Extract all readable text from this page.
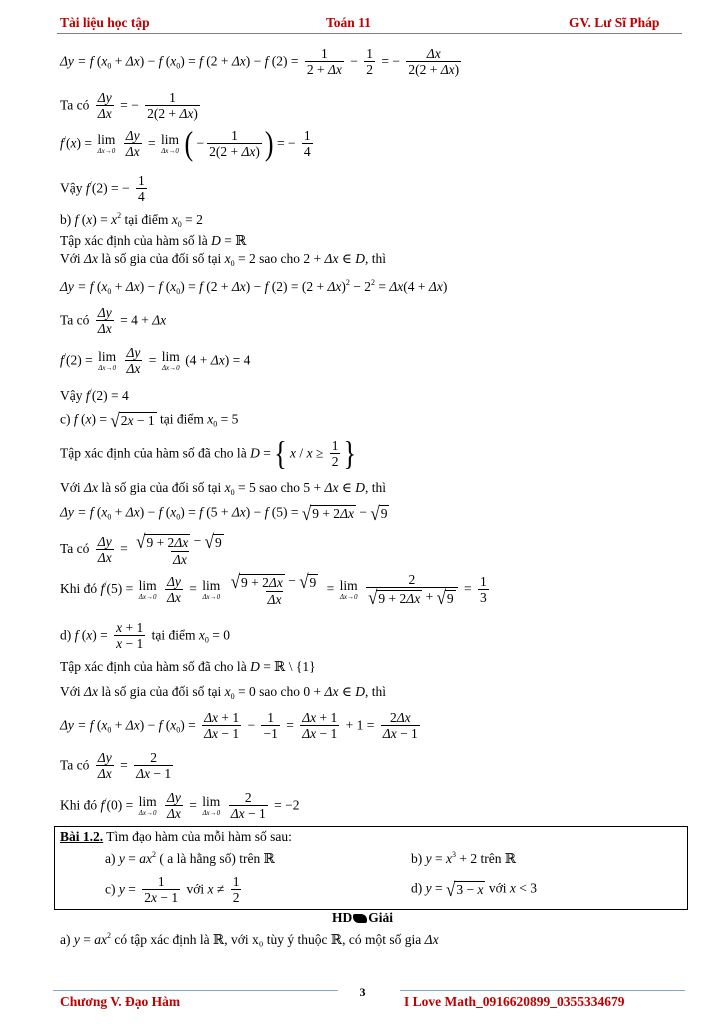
Tài liệu học tập	Toán 11	GV. Lư Sĩ Pháp
Δy = f $(x_0 + \Delta x) - f$ $(x_0) = f$ (2 + Δx) − f $(2) = \frac{1}{2 + \Delta x} - \frac{1}{2}$ = − $\frac{\Delta x}{2(2 + \Delta x)}$
Ta có $\frac{\Delta y}{\Delta x}$ = − $\frac{1}{2(2 + \Delta x)}$
f/(x) = lim
Δx→0
$\frac{\Delta y}{\Delta x} = \lim$
Δx→0 ( − $\frac{1}{2(2 + \Delta x)}$ ) = − $\frac{1}{4}$
Vậy f/(2) = − $\frac{1}{4}$
b) f $(x) = x^2$ tại điểm $x_0 = 2$
Tập xác định của hàm số là D = ℝ
Với Δx là số gia của đối số tại $x_0 = 2$ sao cho 2 + Δx ∈ D, thì
Δy = f $(x_0 + \Delta x) - f$ $(x_0) = f$ (2 + Δx) − f $(2) = (2 + \Delta x)^2 - 2^2 = \Delta x(4 + \Delta x)$
Ta có $\frac{\Delta y}{\Delta x} = 4 + \Delta x$
f/(2) = lim
Δx→0
$\frac{\Delta y}{\Delta x} = \lim$
Δx→0
(4 + Δx) = 4
Vậy f/(2) = 4
c) f (x) = √2x − 1 tại điểm $x_0 = 5$
Tập xác định của hàm số đã cho là D = { $x / x \ge \frac{1}{2}$ }
Với Δx là số gia của đối số tại $x_0 = 5$ sao cho 5 + Δx ∈ D, thì
Δy = f $(x_0 + \Delta x) - f$ $(x_0) = f$ (5 + Δx) − f (5) = √9 + 2Δx − √9
Ta có $\frac{\Delta y}{\Delta x} = \frac{√9 + 2\Delta x - √9}{\Delta x}$
Khi đó f/(5) = lim
Δx→0
$\frac{\Delta y}{\Delta x} = \lim$
Δx→0
$\frac{√9 + 2\Delta x - √9}{\Delta x} = \lim$
Δx→0
$\frac{2}{√9 + 2\Delta x + √9} = \frac{1}{3}$
d) f $(x) = \frac{x + 1}{x - 1}$ tại điểm $x_0 = 0$
Tập xác định của hàm số đã cho là D = ℝ \ {1}
Với Δx là số gia của đối số tại $x_0 = 0$ sao cho 0 + Δx ∈ D, thì
Δy = f $(x_0 + \Delta x) - f$ $(x_0) = \frac{\Delta x + 1}{\Delta x - 1} - \frac{1}{-1} = \frac{\Delta x + 1}{\Delta x - 1} + 1 = \frac{2\Delta x}{\Delta x - 1}$
Ta có $\frac{\Delta y}{\Delta x} = \frac{2}{\Delta x - 1}$
Khi đó f/(0) = lim
Δx→0
$\frac{\Delta y}{\Delta x} = \lim$
Δx→0
$\frac{2}{\Delta x - 1} = -2$
Bài 1.2. Tìm đạo hàm của mỗi hàm số sau:
a) $y = ax^2$ ( a là hằng số) trên ℝ	b) $y = x^3 + 2$ trên ℝ
c) $y = \frac{1}{2x - 1}$ với $x \ne \frac{1}{2}$	d) y = √3 − x với x < 3
HD Giải
a) $y = ax^2$ có tập xác định là ℝ, với x₀ tùy ý thuộc ℝ, có một số gia Δx
3
Chương V. Đạo Hàm	I Love Math_0916620899_0355334679
